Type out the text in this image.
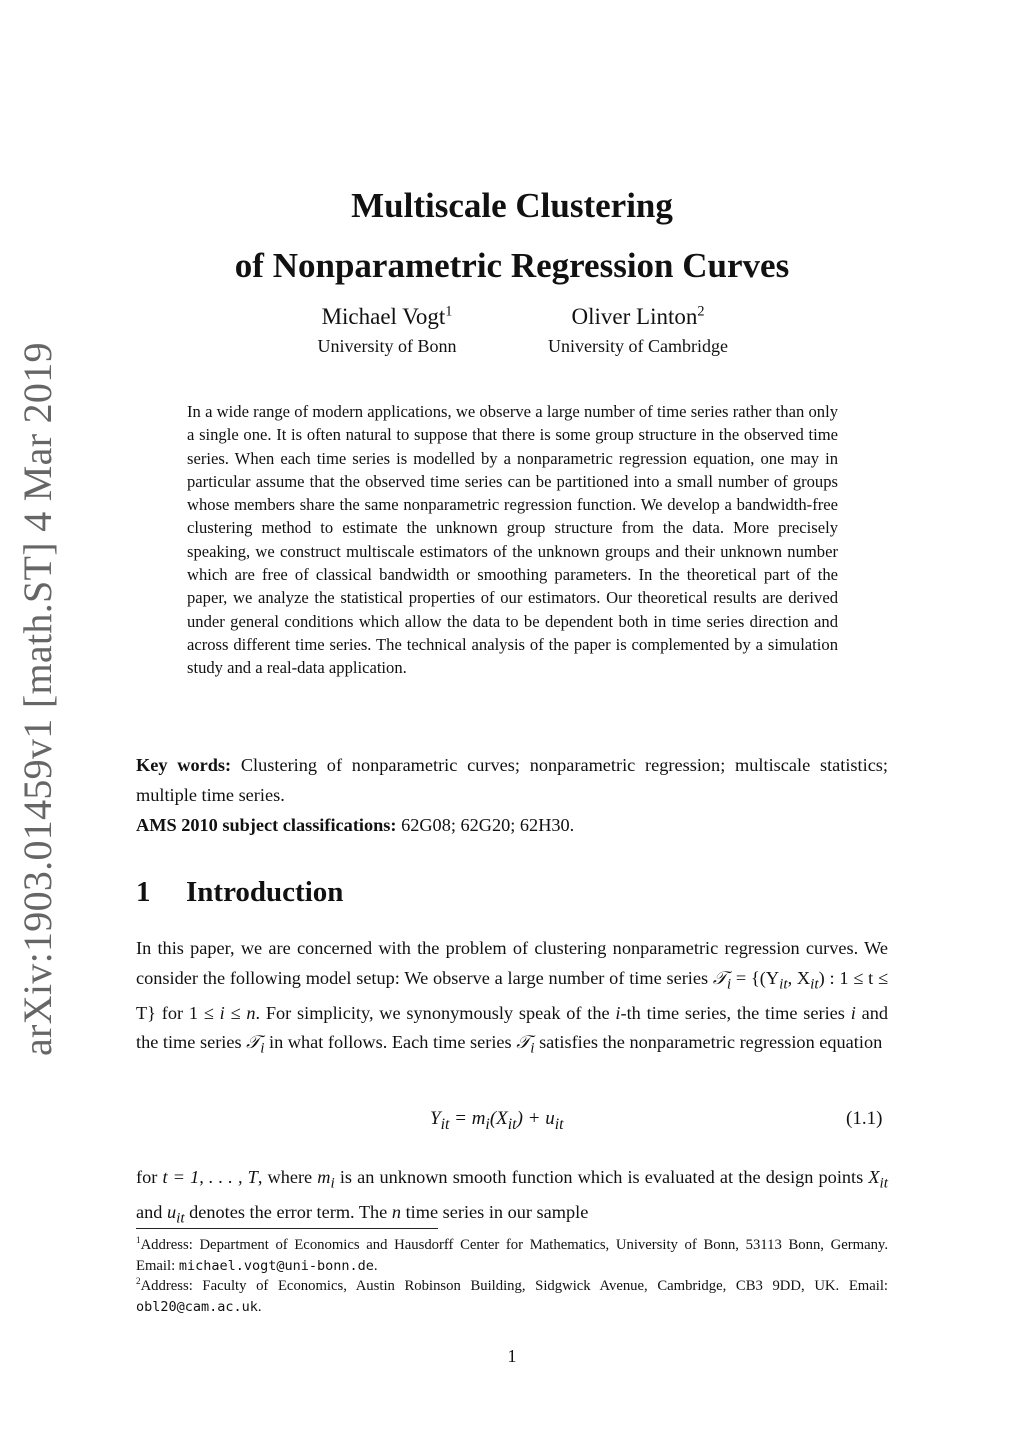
arXiv:1903.01459v1 [math.ST] 4 Mar 2019
Multiscale Clustering
of Nonparametric Regression Curves
Michael Vogt$^1$
University of Bonn
Oliver Linton$^2$
University of Cambridge
In a wide range of modern applications, we observe a large number of time series rather than only a single one. It is often natural to suppose that there is some group structure in the observed time series. When each time series is modelled by a nonparametric regression equation, one may in particular assume that the observed time series can be partitioned into a small number of groups whose members share the same nonparametric regression function. We develop a bandwidth-free clustering method to estimate the unknown group structure from the data. More precisely speaking, we construct multiscale estimators of the unknown groups and their unknown number which are free of classical bandwidth or smoothing parameters. In the theoretical part of the paper, we analyze the statistical properties of our estimators. Our theoretical results are derived under general conditions which allow the data to be dependent both in time series direction and across different time series. The technical analysis of the paper is complemented by a simulation study and a real-data application.
Key words: Clustering of nonparametric curves; nonparametric regression; multiscale statistics; multiple time series.
AMS 2010 subject classifications: 62G08; 62G20; 62H30.
1 Introduction
In this paper, we are concerned with the problem of clustering nonparametric regression curves. We consider the following model setup: We observe a large number of time series 𝒯$_i$ = {($Y_{it}$, $X_{it}$) : 1 ≤ t ≤ T} for 1 ≤ i ≤ n. For simplicity, we synonymously speak of the i-th time series, the time series i and the time series 𝒯$_i$ in what follows. Each time series 𝒯$_i$ satisfies the nonparametric regression equation
$Y_{it} = m_i(X_{it}) + u_{it}$	(1.1)
for t = 1, . . . , T, where $m_i$ is an unknown smooth function which is evaluated at the design points $X_{it}$ and $u_{it}$ denotes the error term. The n time series in our sample
$^1$Address: Department of Economics and Hausdorff Center for Mathematics, University of Bonn, 53113 Bonn, Germany. Email: michael.vogt@uni-bonn.de.
$^2$Address: Faculty of Economics, Austin Robinson Building, Sidgwick Avenue, Cambridge, CB3 9DD, UK. Email: obl20@cam.ac.uk.
1
